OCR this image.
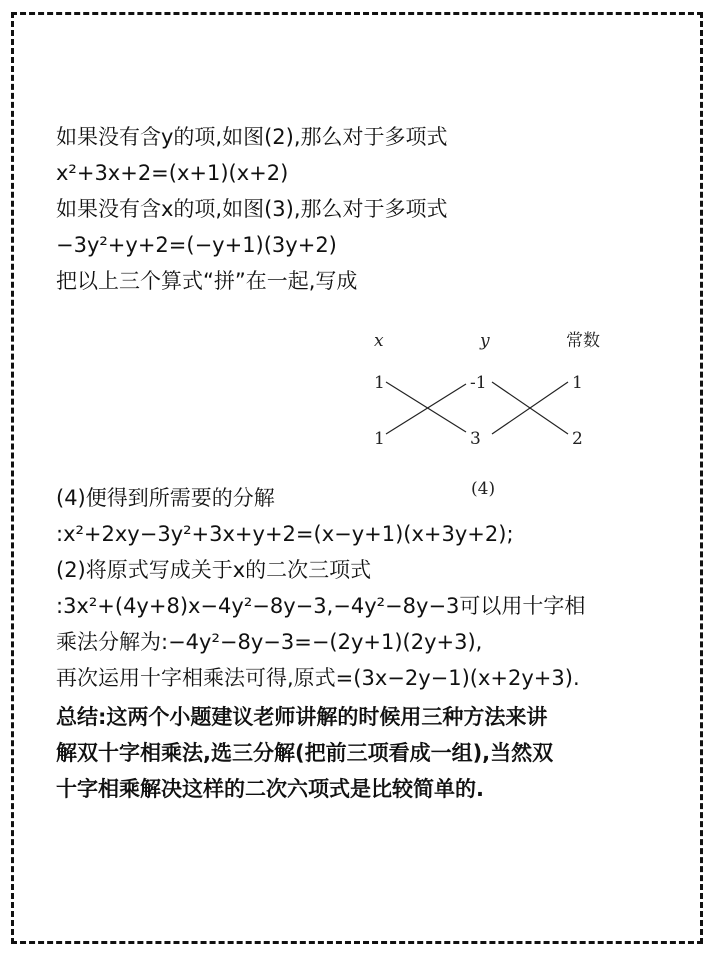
如果没有含y的项,如图(2),那么对于多项式
x²+3x+2=(x+1)(x+2)
如果没有含x的项,如图(3),那么对于多项式
−3y²+y+2=(−y+1)(3y+2)
把以上三个算式“拼”在一起,写成
x	y	常数
1	-1	1
1	3	2
(4)
(4)便得到所需要的分解
:x²+2xy−3y²+3x+y+2=(x−y+1)(x+3y+2);
(2)将原式写成关于x的二次三项式
:3x²+(4y+8)x−4y²−8y−3,−4y²−8y−3可以用十字相
乘法分解为:−4y²−8y−3=−(2y+1)(2y+3),
再次运用十字相乘法可得,原式=(3x−2y−1)(x+2y+3).
总结:这两个小题建议老师讲解的时候用三种方法来讲
解双十字相乘法,选三分解(把前三项看成一组),当然双
十字相乘解决这样的二次六项式是比较简单的.
